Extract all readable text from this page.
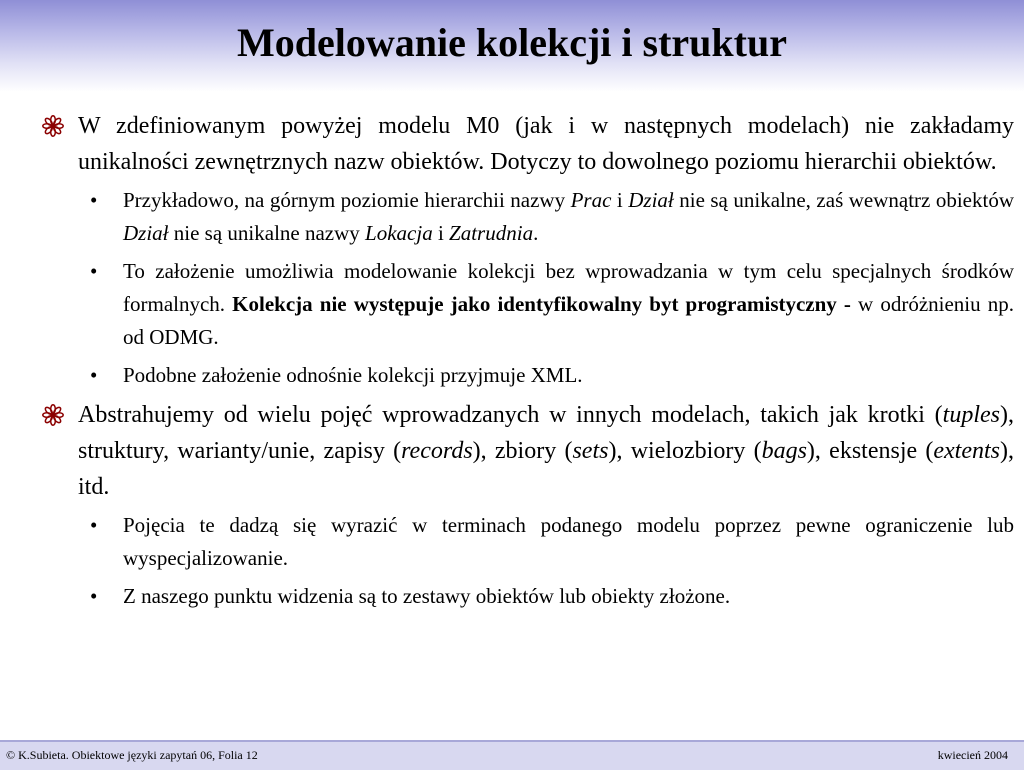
Modelowanie kolekcji i struktur
W zdefiniowanym powyżej modelu M0 (jak i w następnych modelach) nie zakładamy unikalności zewnętrznych nazw obiektów. Dotyczy to dowolnego poziomu hierarchii obiektów.
• Przykładowo, na górnym poziomie hierarchii nazwy Prac i Dział nie są unikalne, zaś wewnątrz obiektów Dział nie są unikalne nazwy Lokacja i Zatrudnia.
• To założenie umożliwia modelowanie kolekcji bez wprowadzania w tym celu specjalnych środków formalnych. Kolekcja nie występuje jako identyfikowalny byt programistyczny - w odróżnieniu np. od ODMG.
• Podobne założenie odnośnie kolekcji przyjmuje XML.
Abstrahujemy od wielu pojęć wprowadzanych w innych modelach, takich jak krotki (tuples), struktury, warianty/unie, zapisy (records), zbiory (sets), wielozbiory (bags), ekstensje (extents), itd.
• Pojęcia te dadzą się wyrazić w terminach podanego modelu poprzez pewne ograniczenie lub wyspecjalizowanie.
• Z naszego punktu widzenia są to zestawy obiektów lub obiekty złożone.
© K.Subieta. Obiektowe języki zapytań 06, Folia 12	kwiecień 2004
